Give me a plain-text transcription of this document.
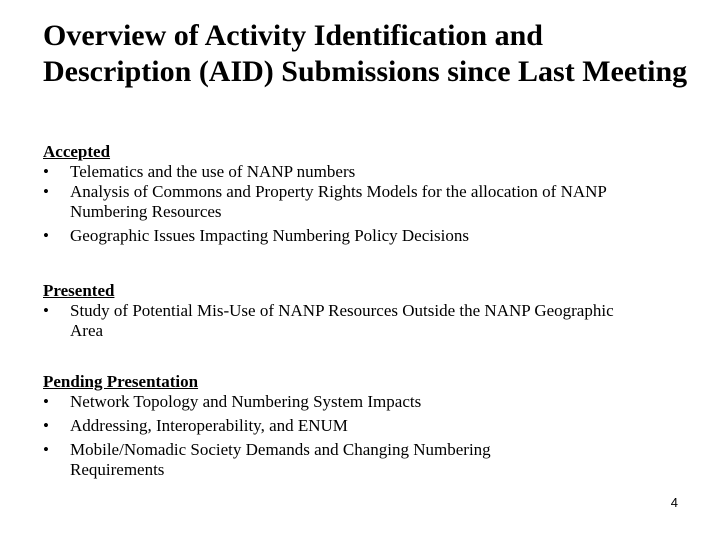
Overview of Activity Identification and Description (AID) Submissions since Last Meeting
Accepted
•	Telematics and the use of NANP numbers
•	Analysis of Commons and Property Rights Models for the allocation of NANP Numbering Resources
•	Geographic Issues Impacting Numbering Policy Decisions
Presented
•	Study of Potential Mis-Use of NANP Resources Outside the NANP Geographic Area
Pending Presentation
•	Network Topology and Numbering System Impacts
•	Addressing, Interoperability, and ENUM
•	Mobile/Nomadic Society Demands and Changing Numbering Requirements
4
